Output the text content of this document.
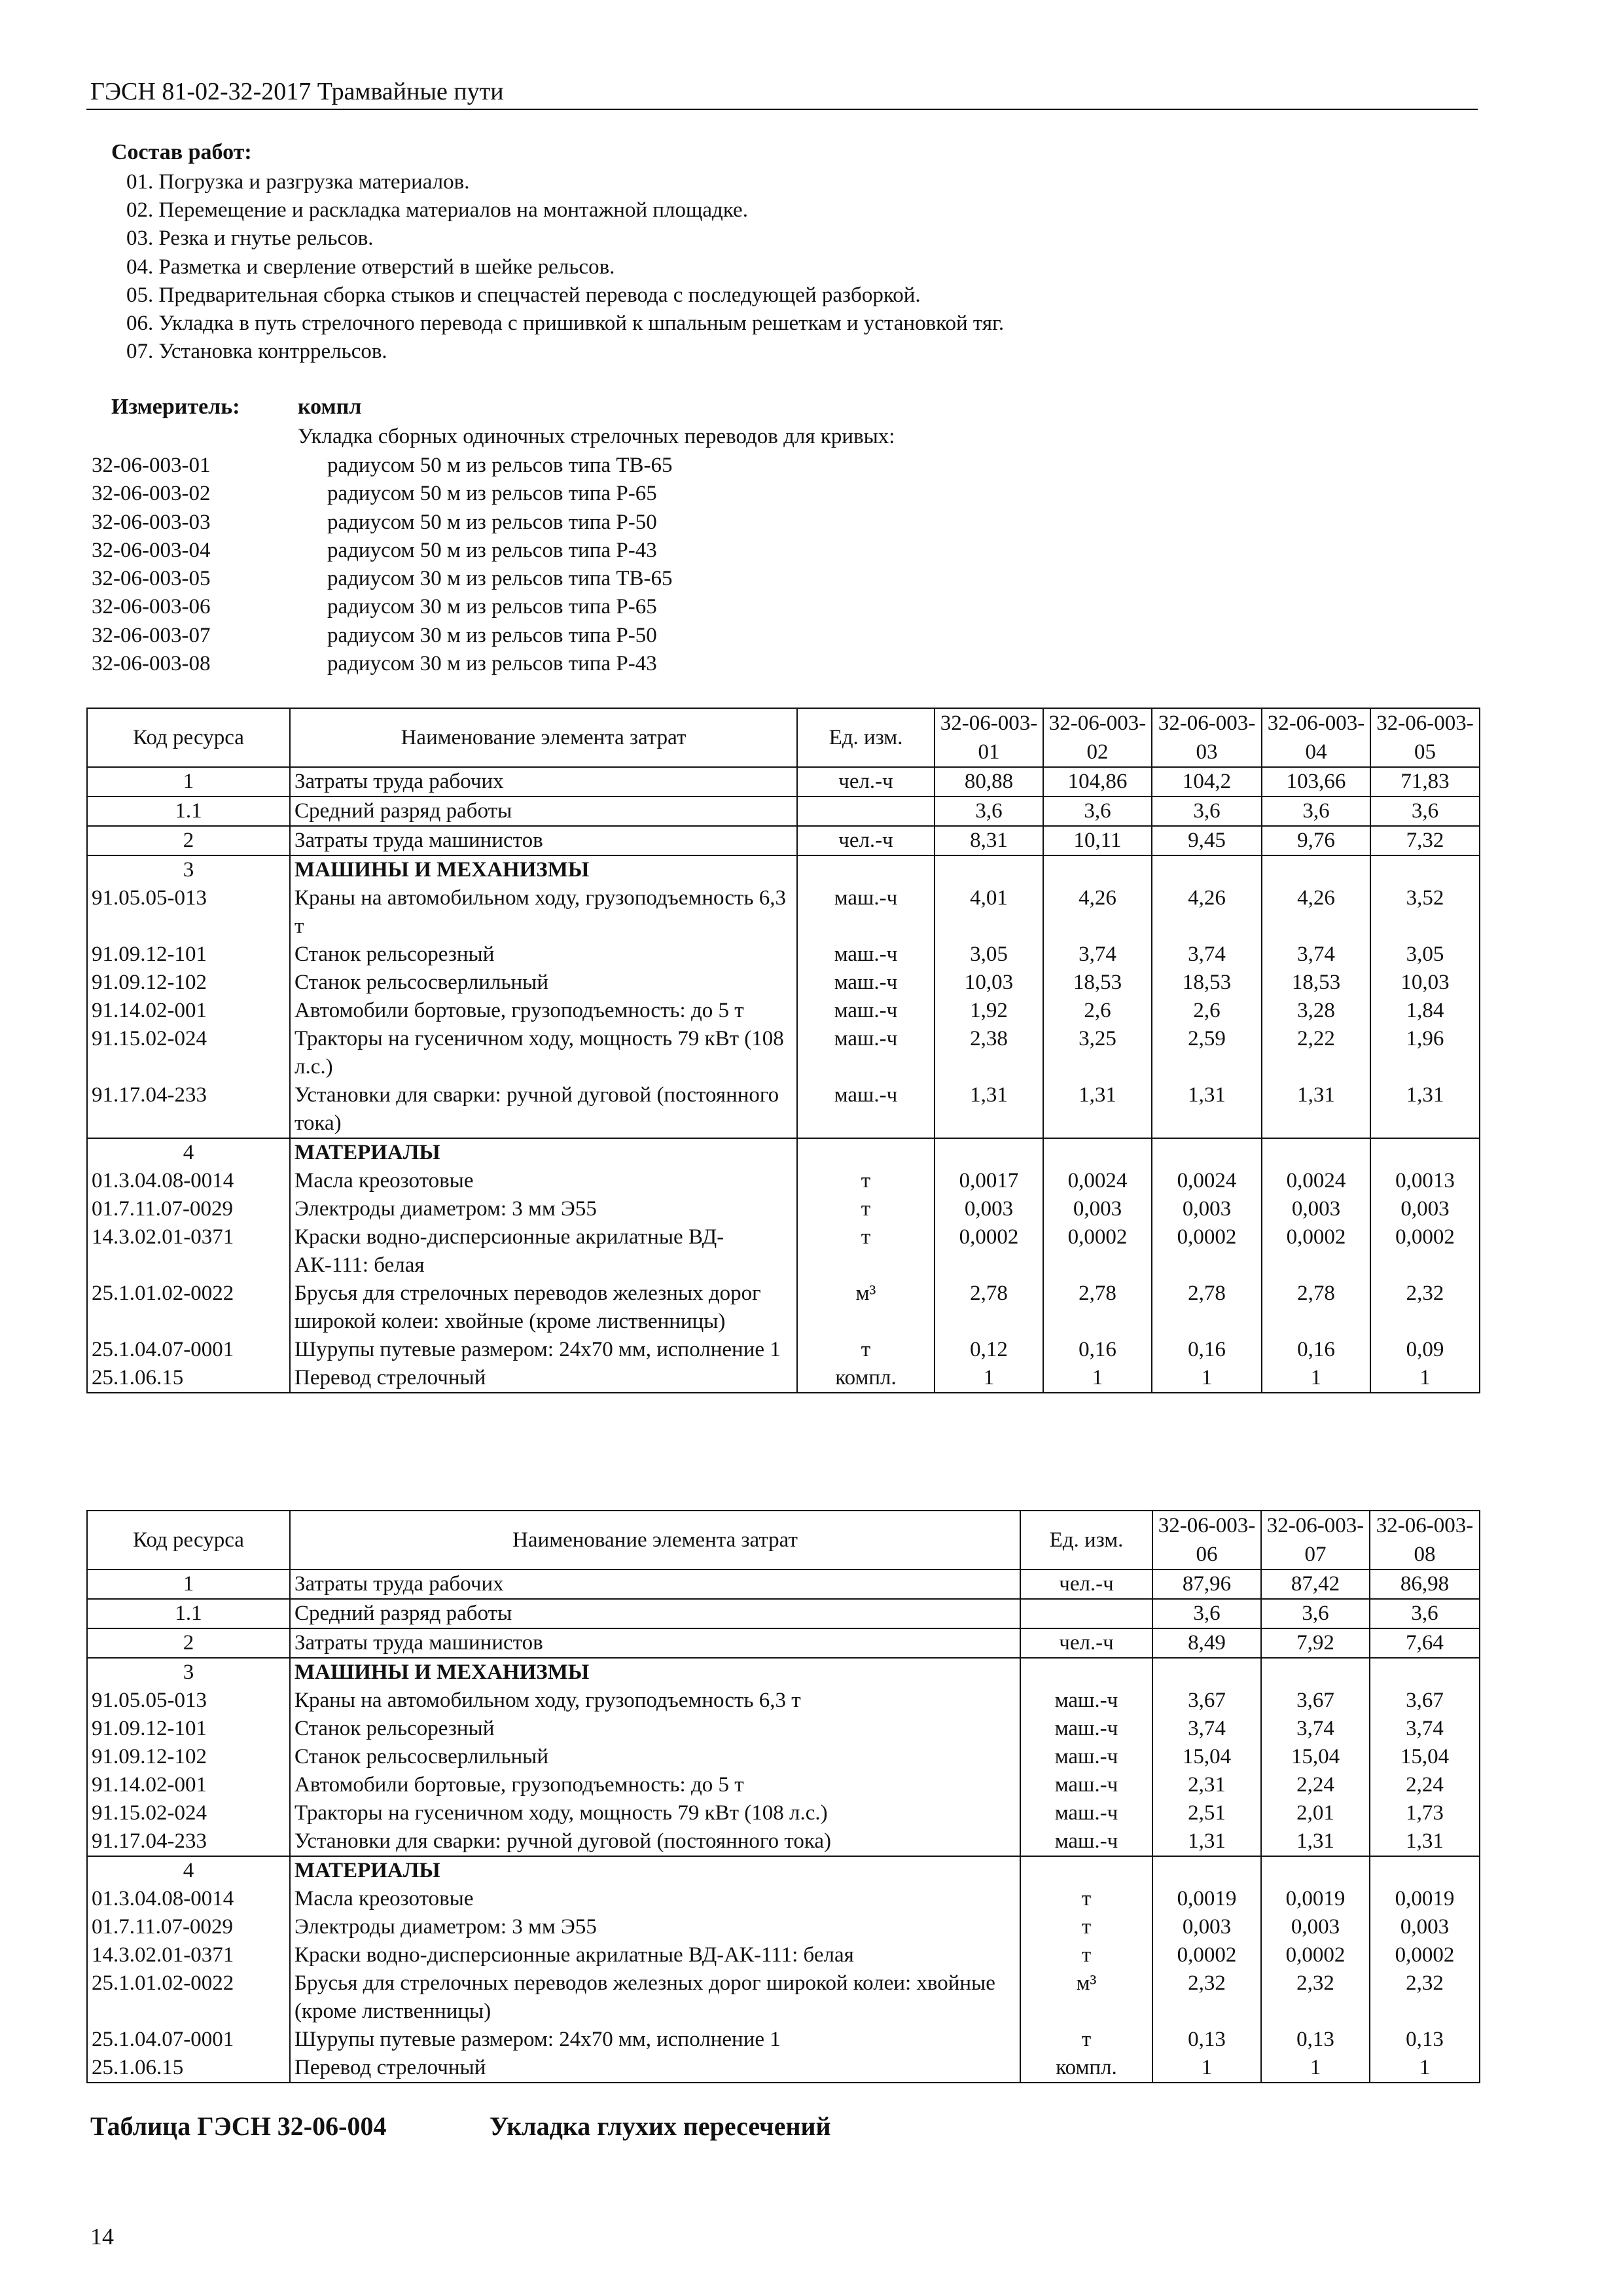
ГЭСН 81-02-32-2017 Трамвайные пути
Состав работ:
01. Погрузка и разгрузка материалов.
02. Перемещение и раскладка материалов на монтажной площадке.
03. Резка и гнутье рельсов.
04. Разметка и сверление отверстий в шейке рельсов.
05. Предварительная сборка стыков и спецчастей перевода с последующей разборкой.
06. Укладка в путь стрелочного перевода с пришивкой к шпальным решеткам и установкой тяг.
07. Установка контррельсов.
Измеритель:	компл
Укладка сборных одиночных стрелочных переводов для кривых:
32-06-003-01	радиусом 50 м из рельсов типа ТВ-65
32-06-003-02	радиусом 50 м из рельсов типа Р-65
32-06-003-03	радиусом 50 м из рельсов типа Р-50
32-06-003-04	радиусом 50 м из рельсов типа Р-43
32-06-003-05	радиусом 30 м из рельсов типа ТВ-65
32-06-003-06	радиусом 30 м из рельсов типа Р-65
32-06-003-07	радиусом 30 м из рельсов типа Р-50
32-06-003-08	радиусом 30 м из рельсов типа Р-43
Код ресурса	Наименование элемента затрат	Ед. изм.	32-06-003-01	32-06-003-02	32-06-003-03	32-06-003-04	32-06-003-05
1	Затраты труда рабочих	чел.-ч	80,88	104,86	104,2	103,66	71,83
1.1	Средний разряд работы		3,6	3,6	3,6	3,6	3,6
2	Затраты труда машинистов	чел.-ч	8,31	10,11	9,45	9,76	7,32
3	МАШИНЫ И МЕХАНИЗМЫ						
91.05.05-013	Краны на автомобильном ходу, грузоподъемность 6,3 т	маш.-ч	4,01	4,26	4,26	4,26	3,52
91.09.12-101	Станок рельсорезный	маш.-ч	3,05	3,74	3,74	3,74	3,05
91.09.12-102	Станок рельсосверлильный	маш.-ч	10,03	18,53	18,53	18,53	10,03
91.14.02-001	Автомобили бортовые, грузоподъемность: до 5 т	маш.-ч	1,92	2,6	2,6	3,28	1,84
91.15.02-024	Тракторы на гусеничном ходу, мощность 79 кВт (108 л.с.)	маш.-ч	2,38	3,25	2,59	2,22	1,96
91.17.04-233	Установки для сварки: ручной дуговой (постоянного тока)	маш.-ч	1,31	1,31	1,31	1,31	1,31
4	МАТЕРИАЛЫ						
01.3.04.08-0014	Масла креозотовые	т	0,0017	0,0024	0,0024	0,0024	0,0013
01.7.11.07-0029	Электроды диаметром: 3 мм Э55	т	0,003	0,003	0,003	0,003	0,003
14.3.02.01-0371	Краски водно-дисперсионные акрилатные ВД-АК-111: белая	т	0,0002	0,0002	0,0002	0,0002	0,0002
25.1.01.02-0022	Брусья для стрелочных переводов железных дорог широкой колеи: хвойные (кроме лиственницы)	м³	2,78	2,78	2,78	2,78	2,32
25.1.04.07-0001	Шурупы путевые размером: 24х70 мм, исполнение 1	т	0,12	0,16	0,16	0,16	0,09
25.1.06.15	Перевод стрелочный	компл.	1	1	1	1	1
Код ресурса	Наименование элемента затрат	Ед. изм.	32-06-003-06	32-06-003-07	32-06-003-08
1	Затраты труда рабочих	чел.-ч	87,96	87,42	86,98
1.1	Средний разряд работы		3,6	3,6	3,6
2	Затраты труда машинистов	чел.-ч	8,49	7,92	7,64
3	МАШИНЫ И МЕХАНИЗМЫ				
91.05.05-013	Краны на автомобильном ходу, грузоподъемность 6,3 т	маш.-ч	3,67	3,67	3,67
91.09.12-101	Станок рельсорезный	маш.-ч	3,74	3,74	3,74
91.09.12-102	Станок рельсосверлильный	маш.-ч	15,04	15,04	15,04
91.14.02-001	Автомобили бортовые, грузоподъемность: до 5 т	маш.-ч	2,31	2,24	2,24
91.15.02-024	Тракторы на гусеничном ходу, мощность 79 кВт (108 л.с.)	маш.-ч	2,51	2,01	1,73
91.17.04-233	Установки для сварки: ручной дуговой (постоянного тока)	маш.-ч	1,31	1,31	1,31
4	МАТЕРИАЛЫ				
01.3.04.08-0014	Масла креозотовые	т	0,0019	0,0019	0,0019
01.7.11.07-0029	Электроды диаметром: 3 мм Э55	т	0,003	0,003	0,003
14.3.02.01-0371	Краски водно-дисперсионные акрилатные ВД-АК-111: белая	т	0,0002	0,0002	0,0002
25.1.01.02-0022	Брусья для стрелочных переводов железных дорог широкой колеи: хвойные (кроме лиственницы)	м³	2,32	2,32	2,32
25.1.04.07-0001	Шурупы путевые размером: 24х70 мм, исполнение 1	т	0,13	0,13	0,13
25.1.06.15	Перевод стрелочный	компл.	1	1	1
Таблица ГЭСН 32-06-004	Укладка глухих пересечений
14
